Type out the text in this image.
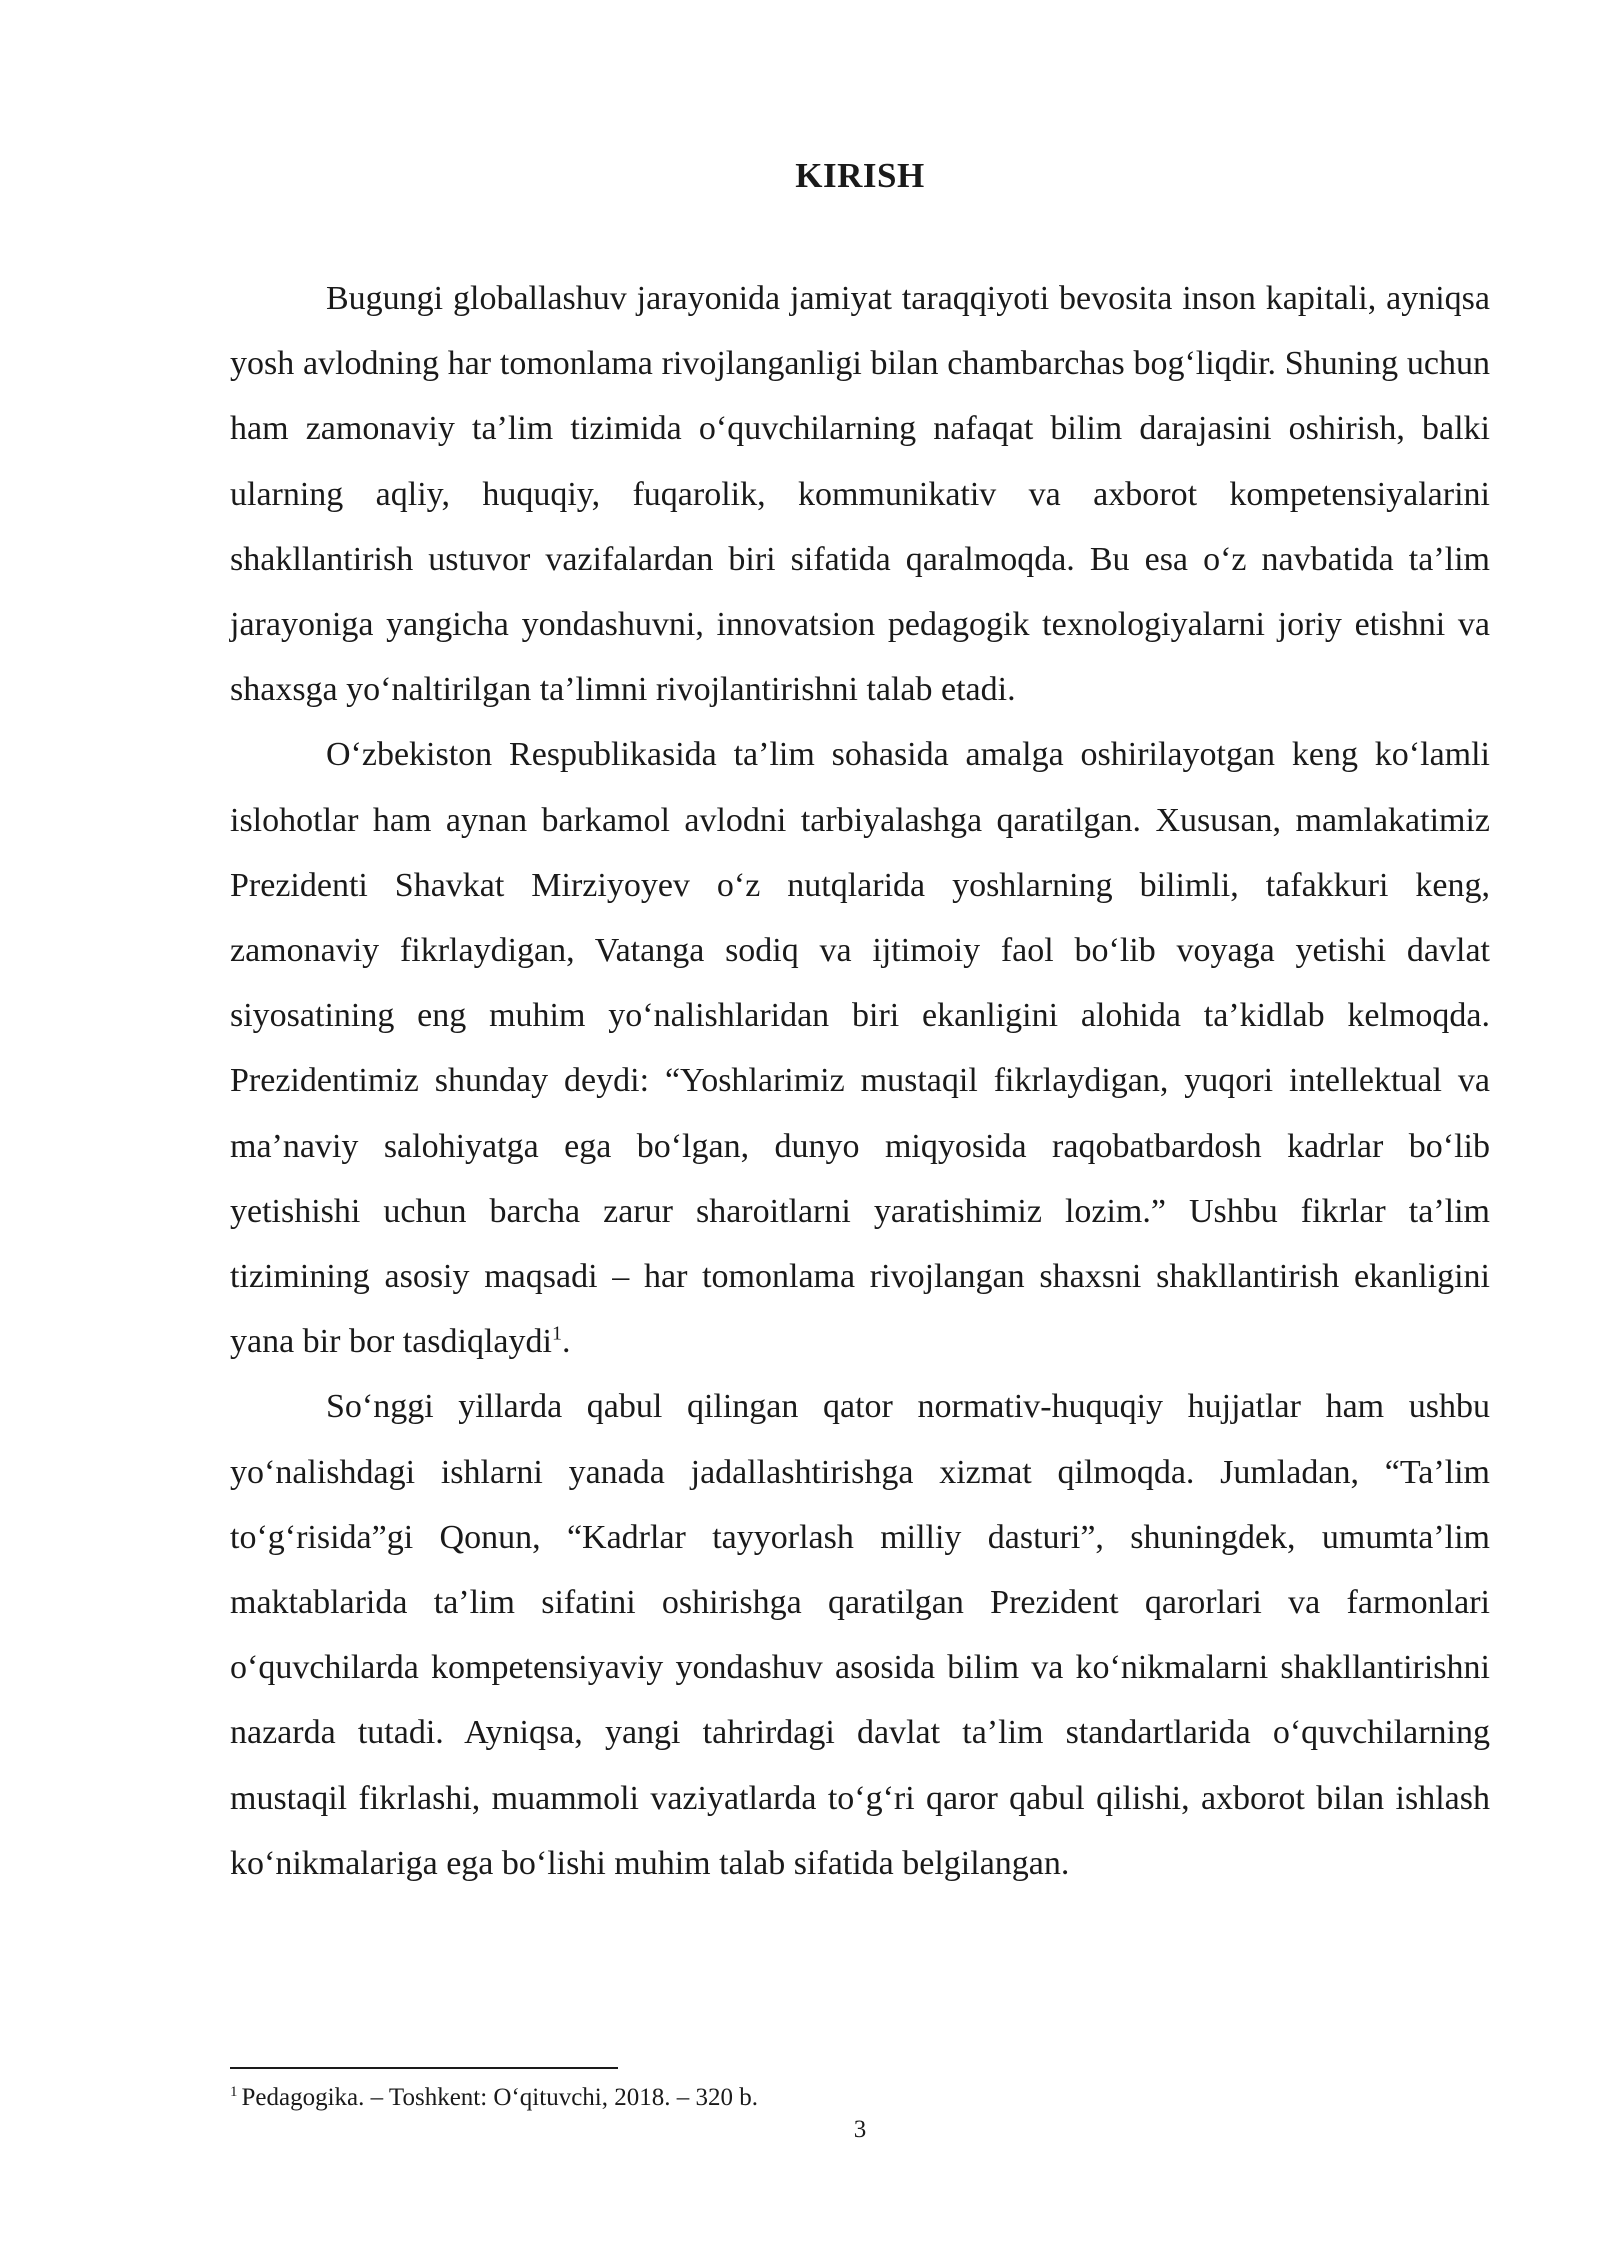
KIRISH

Bugungi globallashuv jarayonida jamiyat taraqqiyoti bevosita inson kapitali, ayniqsa yosh avlodning har tomonlama rivojlanganligi bilan chambarchas bog‘liqdir. Shuning uchun ham zamonaviy ta’lim tizimida o‘quvchilarning nafaqat bilim darajasini oshirish, balki ularning aqliy, huquqiy, fuqarolik, kommunikativ va axborot kompetensiyalarini shakllantirish ustuvor vazifalardan biri sifatida qaralmoqda. Bu esa o‘z navbatida ta’lim jarayoniga yangicha yondashuvni, innovatsion pedagogik texnologiyalarni joriy etishni va shaxsga yo‘naltirilgan ta’limni rivojlantirishni talab etadi.

O‘zbekiston Respublikasida ta’lim sohasida amalga oshirilayotgan keng ko‘lamli islohotlar ham aynan barkamol avlodni tarbiyalashga qaratilgan. Xususan, mamlakatimiz Prezidenti Shavkat Mirziyoyev o‘z nutqlarida yoshlarning bilimli, tafakkuri keng, zamonaviy fikrlaydigan, Vatanga sodiq va ijtimoiy faol bo‘lib voyaga yetishi davlat siyosatining eng muhim yo‘nalishlaridan biri ekanligini alohida ta’kidlab kelmoqda. Prezidentimiz shunday deydi: “Yoshlarimiz mustaqil fikrlaydigan, yuqori intellektual va ma’naviy salohiyatga ega bo‘lgan, dunyo miqyosida raqobatbardosh kadrlar bo‘lib yetishishi uchun barcha zarur sharoitlarni yaratishimiz lozim.” Ushbu fikrlar ta’lim tizimining asosiy maqsadi – har tomonlama rivojlangan shaxsni shakllantirish ekanligini yana bir bor tasdiqlaydi$^1$.

So‘nggi yillarda qabul qilingan qator normativ-huquqiy hujjatlar ham ushbu yo‘nalishdagi ishlarni yanada jadallashtirishga xizmat qilmoqda. Jumladan, “Ta’lim to‘g‘risida”gi Qonun, “Kadrlar tayyorlash milliy dasturi”, shuningdek, umumta’lim maktablarida ta’lim sifatini oshirishga qaratilgan Prezident qarorlari va farmonlari o‘quvchilarda kompetensiyaviy yondashuv asosida bilim va ko‘nikmalarni shakllantirishni nazarda tutadi. Ayniqsa, yangi tahrirdagi davlat ta’lim standartlarida o‘quvchilarning mustaqil fikrlashi, muammoli vaziyatlarda to‘g‘ri qaror qabul qilishi, axborot bilan ishlash ko‘nikmalariga ega bo‘lishi muhim talab sifatida belgilangan.

$^1$ Pedagogika. – Toshkent: O‘qituvchi, 2018. – 320 b.
3
